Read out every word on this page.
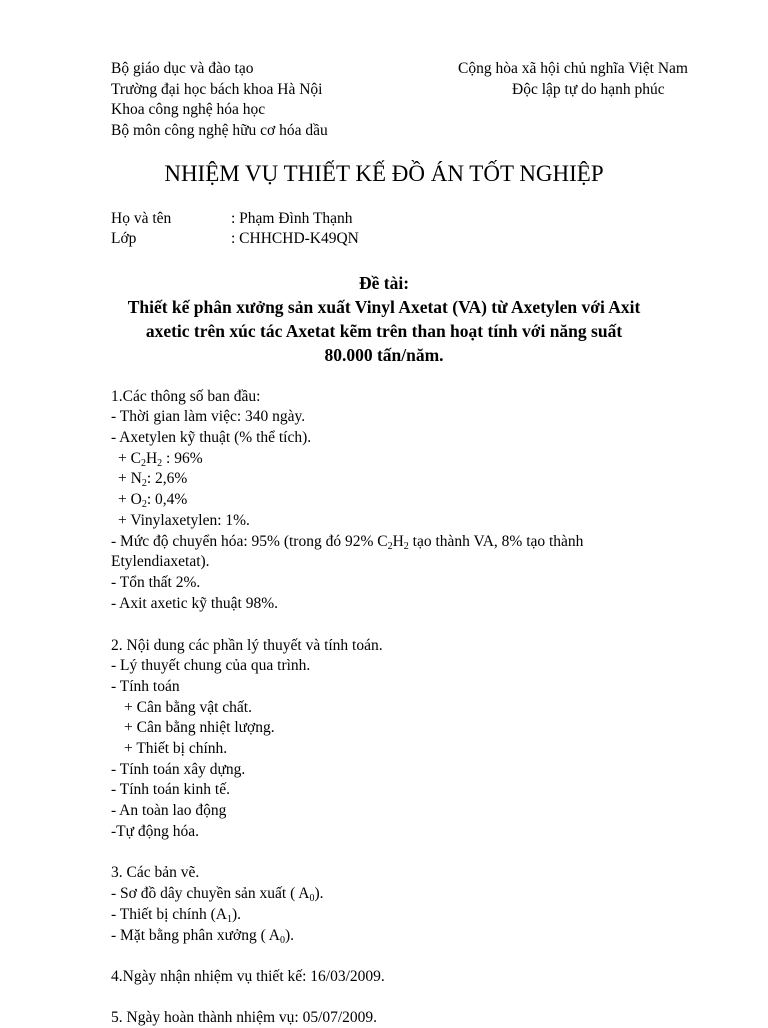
Bộ giáo dục và đào tạo
Trường đại học bách khoa Hà Nội
Khoa công nghệ hóa học
Bộ môn công nghệ hữu cơ hóa dầu
Cộng hòa xã hội chủ nghĩa Việt Nam
Độc lập tự do hạnh phúc
NHIỆM VỤ THIẾT KẾ ĐỒ ÁN TỐT NGHIỆP
Họ và tên	: Phạm Đình Thạnh
Lớp	: CHHCHD-K49QN
Đề tài:
Thiết kế phân xưởng sản xuất Vinyl Axetat (VA) từ Axetylen với Axit
axetic trên xúc tác Axetat kẽm trên than hoạt tính với năng suất
80.000 tấn/năm.
1.Các thông số ban đầu:
- Thời gian làm việc: 340 ngày.
- Axetylen kỹ thuật (% thể tích).
+ $C_2H_2$ : 96%
+ $N_2$: 2,6%
+ $O_2$: 0,4%
+ Vinylaxetylen: 1%.
- Mức độ chuyển hóa: 95% (trong đó 92% $C_2H_2$ tạo thành VA, 8% tạo thành
Etylendiaxetat).
- Tổn thất 2%.
- Axit axetic kỹ thuật 98%.
2. Nội dung các phần lý thuyết và tính toán.
- Lý thuyết chung của qua trình.
- Tính toán
+ Cân bằng vật chất.
+ Cân bằng nhiệt lượng.
+ Thiết bị chính.
- Tính toán xây dựng.
- Tính toán kinh tế.
- An toàn lao động
-Tự động hóa.
3. Các bản vẽ.
- Sơ đồ dây chuyền sản xuất ( $A_0$).
- Thiết bị chính $(A_1)$.
- Mặt bằng phân xưởng ( $A_0$).
4.Ngày nhận nhiệm vụ thiết kế: 16/03/2009.
5. Ngày hoàn thành nhiệm vụ: 05/07/2009.
